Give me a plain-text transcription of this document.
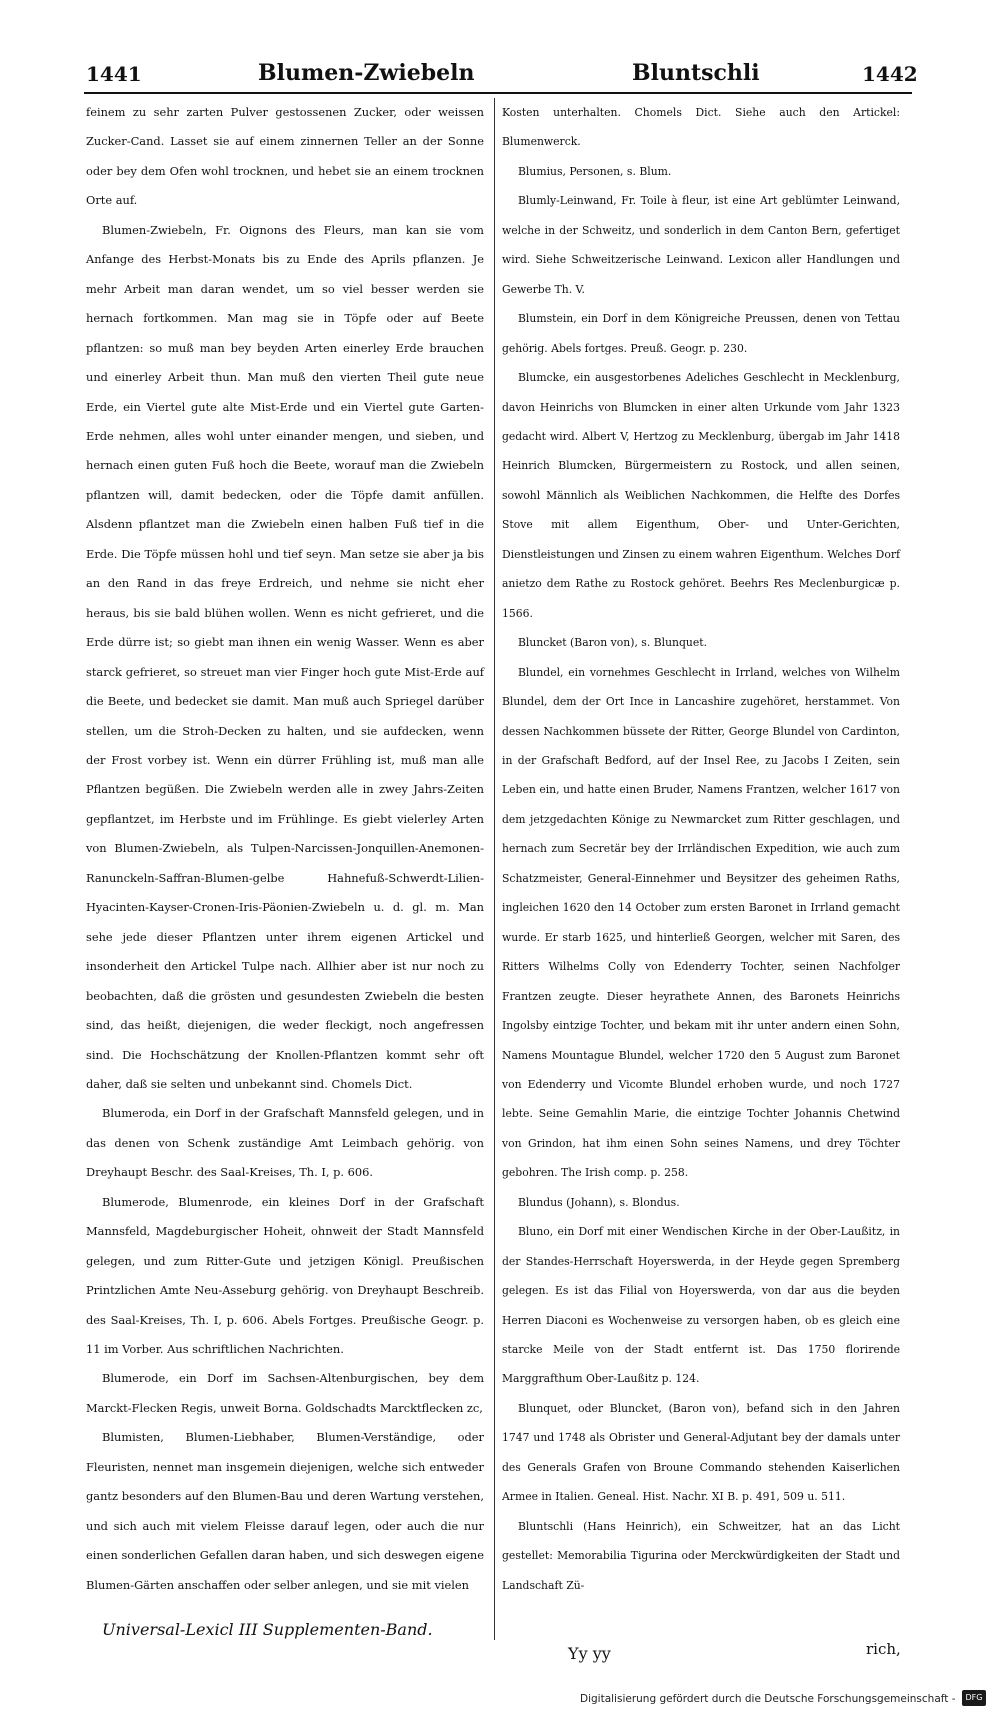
1441	Blumen-Zwiebeln	Bluntschli	1442

feinem zu sehr zarten Pulver gestossenen Zucker, oder weissen Zucker-Cand. Lasset sie auf einem zinnernen Teller an der Sonne oder bey dem Ofen wohl trocknen, und hebet sie an einem trocknen Orte auf.

Blumen-Zwiebeln, Fr. Oignons des Fleurs, man kan sie vom Anfange des Herbst-Monats bis zu Ende des Aprils pflanzen. Je mehr Arbeit man daran wendet, um so viel besser werden sie hernach fortkommen. Man mag sie in Töpfe oder auf Beete pflantzen: so muß man bey beyden Arten einerley Erde brauchen und einerley Arbeit thun. Man muß den vierten Theil gute neue Erde, ein Viertel gute alte Mist-Erde und ein Viertel gute Garten-Erde nehmen, alles wohl unter einander mengen, und sieben, und hernach einen guten Fuß hoch die Beete, worauf man die Zwiebeln pflantzen will, damit bedecken, oder die Töpfe damit anfüllen. Alsdenn pflantzet man die Zwiebeln einen halben Fuß tief in die Erde. Die Töpfe müssen hohl und tief seyn. Man setze sie aber ja bis an den Rand in das freye Erdreich, und nehme sie nicht eher heraus, bis sie bald blühen wollen. Wenn es nicht gefrieret, und die Erde dürre ist; so giebt man ihnen ein wenig Wasser. Wenn es aber starck gefrieret, so streuet man vier Finger hoch gute Mist-Erde auf die Beete, und bedecket sie damit. Man muß auch Spriegel darüber stellen, um die Stroh-Decken zu halten, und sie aufdecken, wenn der Frost vorbey ist. Wenn ein dürrer Frühling ist, muß man alle Pflantzen begüßen. Die Zwiebeln werden alle in zwey Jahrs-Zeiten gepflantzet, im Herbste und im Frühlinge. Es giebt vielerley Arten von Blumen-Zwiebeln, als Tulpen-Narcissen-Jonquillen-Anemonen-Ranunckeln-Saffran-Blumen-gelbe Hahnefuß-Schwerdt-Lilien-Hyacinten-Kayser-Cronen-Iris-Päonien-Zwiebeln u. d. gl. m. Man sehe jede dieser Pflantzen unter ihrem eigenen Artickel und insonderheit den Artickel Tulpe nach. Allhier aber ist nur noch zu beobachten, daß die grösten und gesundesten Zwiebeln die besten sind, das heißt, diejenigen, die weder fleckigt, noch angefressen sind. Die Hochschätzung der Knollen-Pflantzen kommt sehr oft daher, daß sie selten und unbekannt sind. Chomels Dict.

Blumeroda, ein Dorf in der Grafschaft Mannsfeld gelegen, und in das denen von Schenk zuständige Amt Leimbach gehörig. von Dreyhaupt Beschr. des Saal-Kreises, Th. I, p. 606.

Blumerode, Blumenrode, ein kleines Dorf in der Grafschaft Mannsfeld, Magdeburgischer Hoheit, ohnweit der Stadt Mannsfeld gelegen, und zum Ritter-Gute und jetzigen Königl. Preußischen Printzlichen Amte Neu-Asseburg gehörig. von Dreyhaupt Beschreib. des Saal-Kreises, Th. I, p. 606. Abels Fortges. Preußische Geogr. p. 11 im Vorber. Aus schriftlichen Nachrichten.

Blumerode, ein Dorf im Sachsen-Altenburgischen, bey dem Marckt-Flecken Regis, unweit Borna. Goldschadts Marcktflecken zc,

Blumisten, Blumen-Liebhaber, Blumen-Verständige, oder Fleuristen, nennet man insgemein diejenigen, welche sich entweder gantz besonders auf den Blumen-Bau und deren Wartung verstehen, und sich auch mit vielem Fleisse darauf legen, oder auch die nur einen sonderlichen Gefallen daran haben, und sich deswegen eigene Blumen-Gärten anschaffen oder selber anlegen, und sie mit vielen

Kosten unterhalten. Chomels Dict. Siehe auch den Artickel: Blumenwerck.

Blumius, Personen, s. Blum.

Blumly-Leinwand, Fr. Toile à fleur, ist eine Art geblümter Leinwand, welche in der Schweitz, und sonderlich in dem Canton Bern, gefertiget wird. Siehe Schweitzerische Leinwand. Lexicon aller Handlungen und Gewerbe Th. V.

Blumstein, ein Dorf in dem Königreiche Preussen, denen von Tettau gehörig. Abels fortges. Preuß. Geogr. p. 230.

Blumcke, ein ausgestorbenes Adeliches Geschlecht in Mecklenburg, davon Heinrichs von Blumcken in einer alten Urkunde vom Jahr 1323 gedacht wird. Albert V, Hertzog zu Mecklenburg, übergab im Jahr 1418 Heinrich Blumcken, Bürgermeistern zu Rostock, und allen seinen, sowohl Männlich als Weiblichen Nachkommen, die Helfte des Dorfes Stove mit allem Eigenthum, Ober- und Unter-Gerichten, Dienstleistungen und Zinsen zu einem wahren Eigenthum. Welches Dorf anietzo dem Rathe zu Rostock gehöret. Beehrs Res Meclenburgicæ p. 1566.

Bluncket (Baron von), s. Blunquet.

Blundel, ein vornehmes Geschlecht in Irrland, welches von Wilhelm Blundel, dem der Ort Ince in Lancashire zugehöret, herstammet. Von dessen Nachkommen büssete der Ritter, George Blundel von Cardinton, in der Grafschaft Bedford, auf der Insel Ree, zu Jacobs I Zeiten, sein Leben ein, und hatte einen Bruder, Namens Frantzen, welcher 1617 von dem jetzgedachten Könige zu Newmarcket zum Ritter geschlagen, und hernach zum Secretär bey der Irrländischen Expedition, wie auch zum Schatzmeister, General-Einnehmer und Beysitzer des geheimen Raths, ingleichen 1620 den 14 October zum ersten Baronet in Irrland gemacht wurde. Er starb 1625, und hinterließ Georgen, welcher mit Saren, des Ritters Wilhelms Colly von Edenderry Tochter, seinen Nachfolger Frantzen zeugte. Dieser heyrathete Annen, des Baronets Heinrichs Ingolsby eintzige Tochter, und bekam mit ihr unter andern einen Sohn, Namens Mountague Blundel, welcher 1720 den 5 August zum Baronet von Edenderry und Vicomte Blundel erhoben wurde, und noch 1727 lebte. Seine Gemahlin Marie, die eintzige Tochter Johannis Chetwind von Grindon, hat ihm einen Sohn seines Namens, und drey Töchter gebohren. The Irish comp. p. 258.

Blundus (Johann), s. Blondus.

Bluno, ein Dorf mit einer Wendischen Kirche in der Ober-Laußitz, in der Standes-Herrschaft Hoyerswerda, in der Heyde gegen Spremberg gelegen. Es ist das Filial von Hoyerswerda, von dar aus die beyden Herren Diaconi es Wochenweise zu versorgen haben, ob es gleich eine starcke Meile von der Stadt entfernt ist. Das 1750 florirende Marggrafthum Ober-Laußitz p. 124.

Blunquet, oder Bluncket, (Baron von), befand sich in den Jahren 1747 und 1748 als Obrister und General-Adjutant bey der damals unter des Generals Grafen von Broune Commando stehenden Kaiserlichen Armee in Italien. Geneal. Hist. Nachr. XI B. p. 491, 509 u. 511.

Bluntschli (Hans Heinrich), ein Schweitzer, hat an das Licht gestellet: Memorabilia Tigurina oder Merckwürdigkeiten der Stadt und Landschaft Zü-

Universal-Lexicl III Supplementen-Band.
Yy yy	rich,
Digitalisierung gefördert durch die Deutsche Forschungsgemeinschaft -	DFG
